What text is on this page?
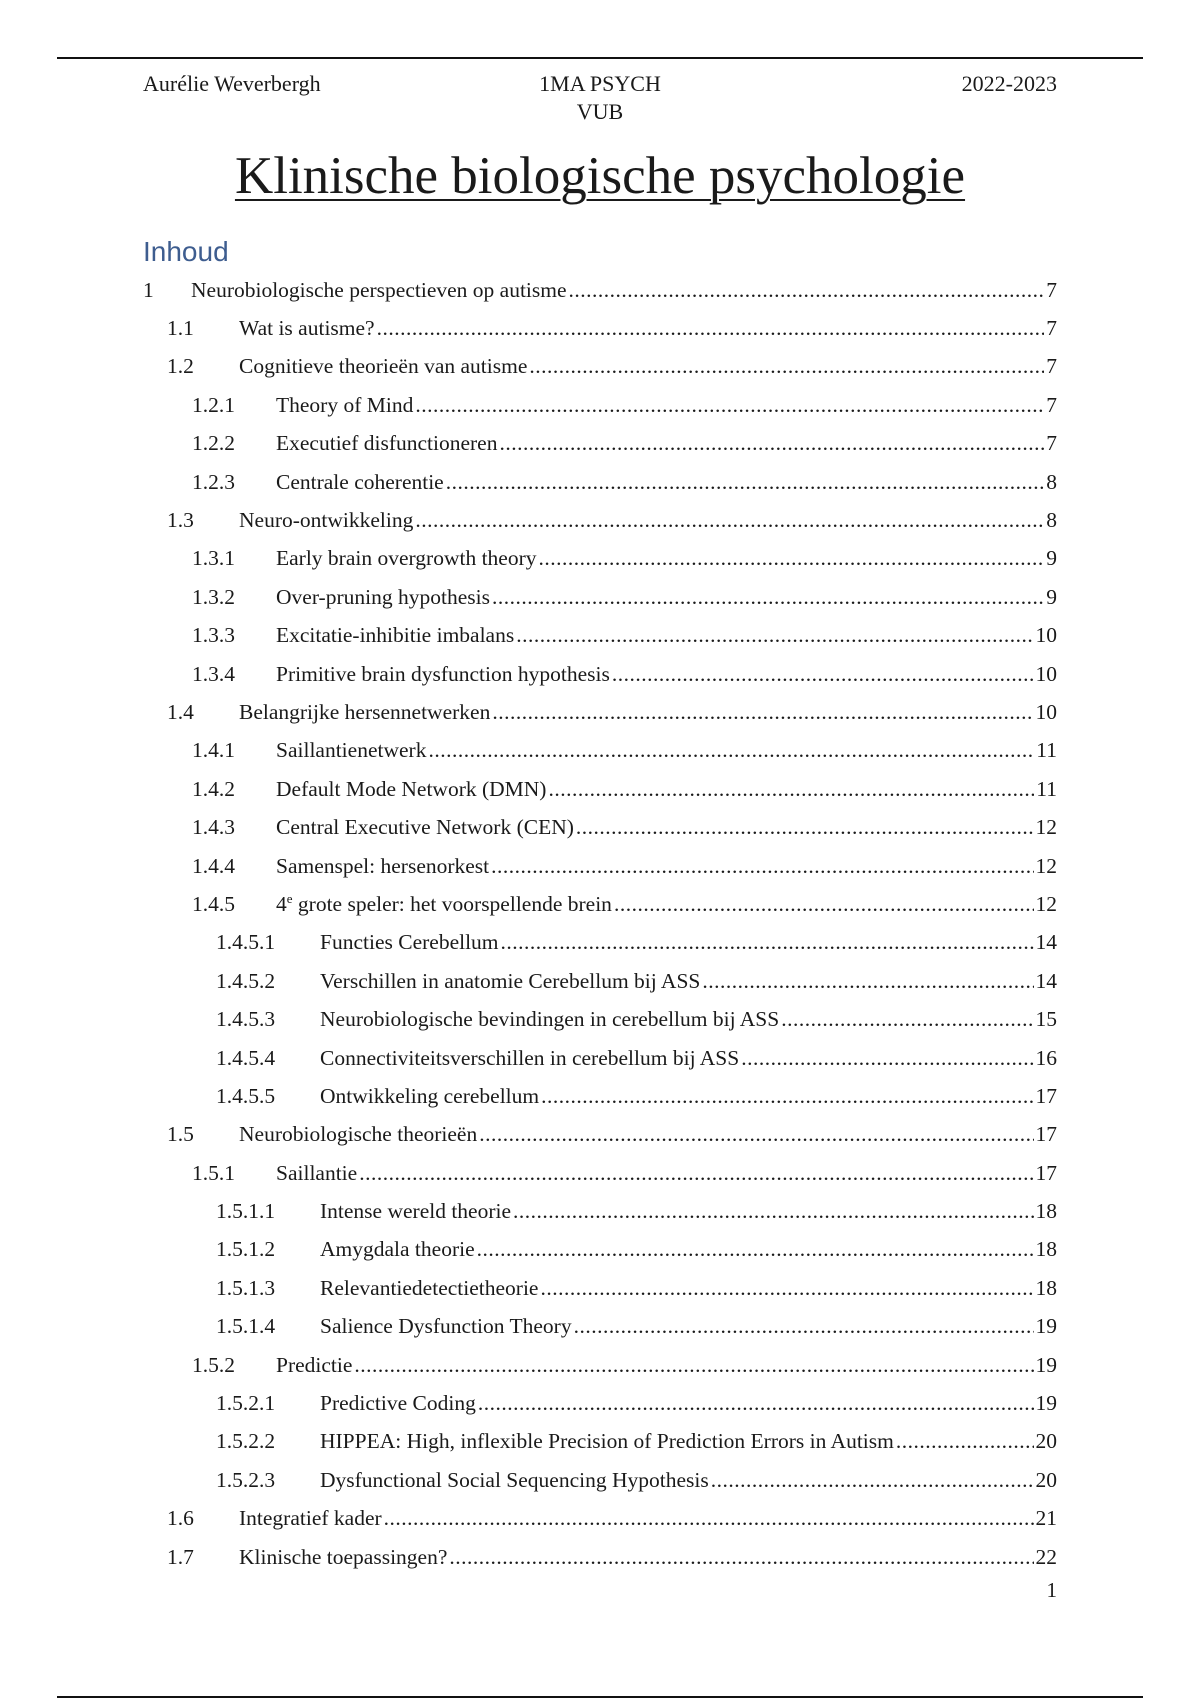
Aurélie Weverbergh	1MA PSYCH
VUB
2022-2023
Klinische biologische psychologie
Inhoud
1 Neurobiologische perspectieven op autisme .....	7
1.1 Wat is autisme? .....	7
1.2 Cognitieve theorieën van autisme .....	7
1.2.1 Theory of Mind .....	7
1.2.2 Executief disfunctioneren .....	7
1.2.3 Centrale coherentie .....	8
1.3 Neuro-ontwikkeling .....	8
1.3.1 Early brain overgrowth theory .....	9
1.3.2 Over-pruning hypothesis .....	9
1.3.3 Excitatie-inhibitie imbalans .....	10
1.3.4 Primitive brain dysfunction hypothesis .....	10
1.4 Belangrijke hersennetwerken .....	10
1.4.1 Saillantienetwerk .....	11
1.4.2 Default Mode Network (DMN) .....	11
1.4.3 Central Executive Network (CEN) .....	12
1.4.4 Samenspel: hersenorkest .....	12
1.4.5 4e grote speler: het voorspellende brein .....	12
1.4.5.1 Functies Cerebellum .....	14
1.4.5.2 Verschillen in anatomie Cerebellum bij ASS .....	14
1.4.5.3 Neurobiologische bevindingen in cerebellum bij ASS .....	15
1.4.5.4 Connectiviteitsverschillen in cerebellum bij ASS .....	16
1.4.5.5 Ontwikkeling cerebellum .....	17
1.5 Neurobiologische theorieën .....	17
1.5.1 Saillantie .....	17
1.5.1.1 Intense wereld theorie .....	18
1.5.1.2 Amygdala theorie .....	18
1.5.1.3 Relevantiedetectietheorie .....	18
1.5.1.4 Salience Dysfunction Theory .....	19
1.5.2 Predictie .....	19
1.5.2.1 Predictive Coding .....	19
1.5.2.2 HIPPEA: High, inflexible Precision of Prediction Errors in Autism .....	20
1.5.2.3 Dysfunctional Social Sequencing Hypothesis .....	20
1.6 Integratief kader .....	21
1.7 Klinische toepassingen? .....	22
1
